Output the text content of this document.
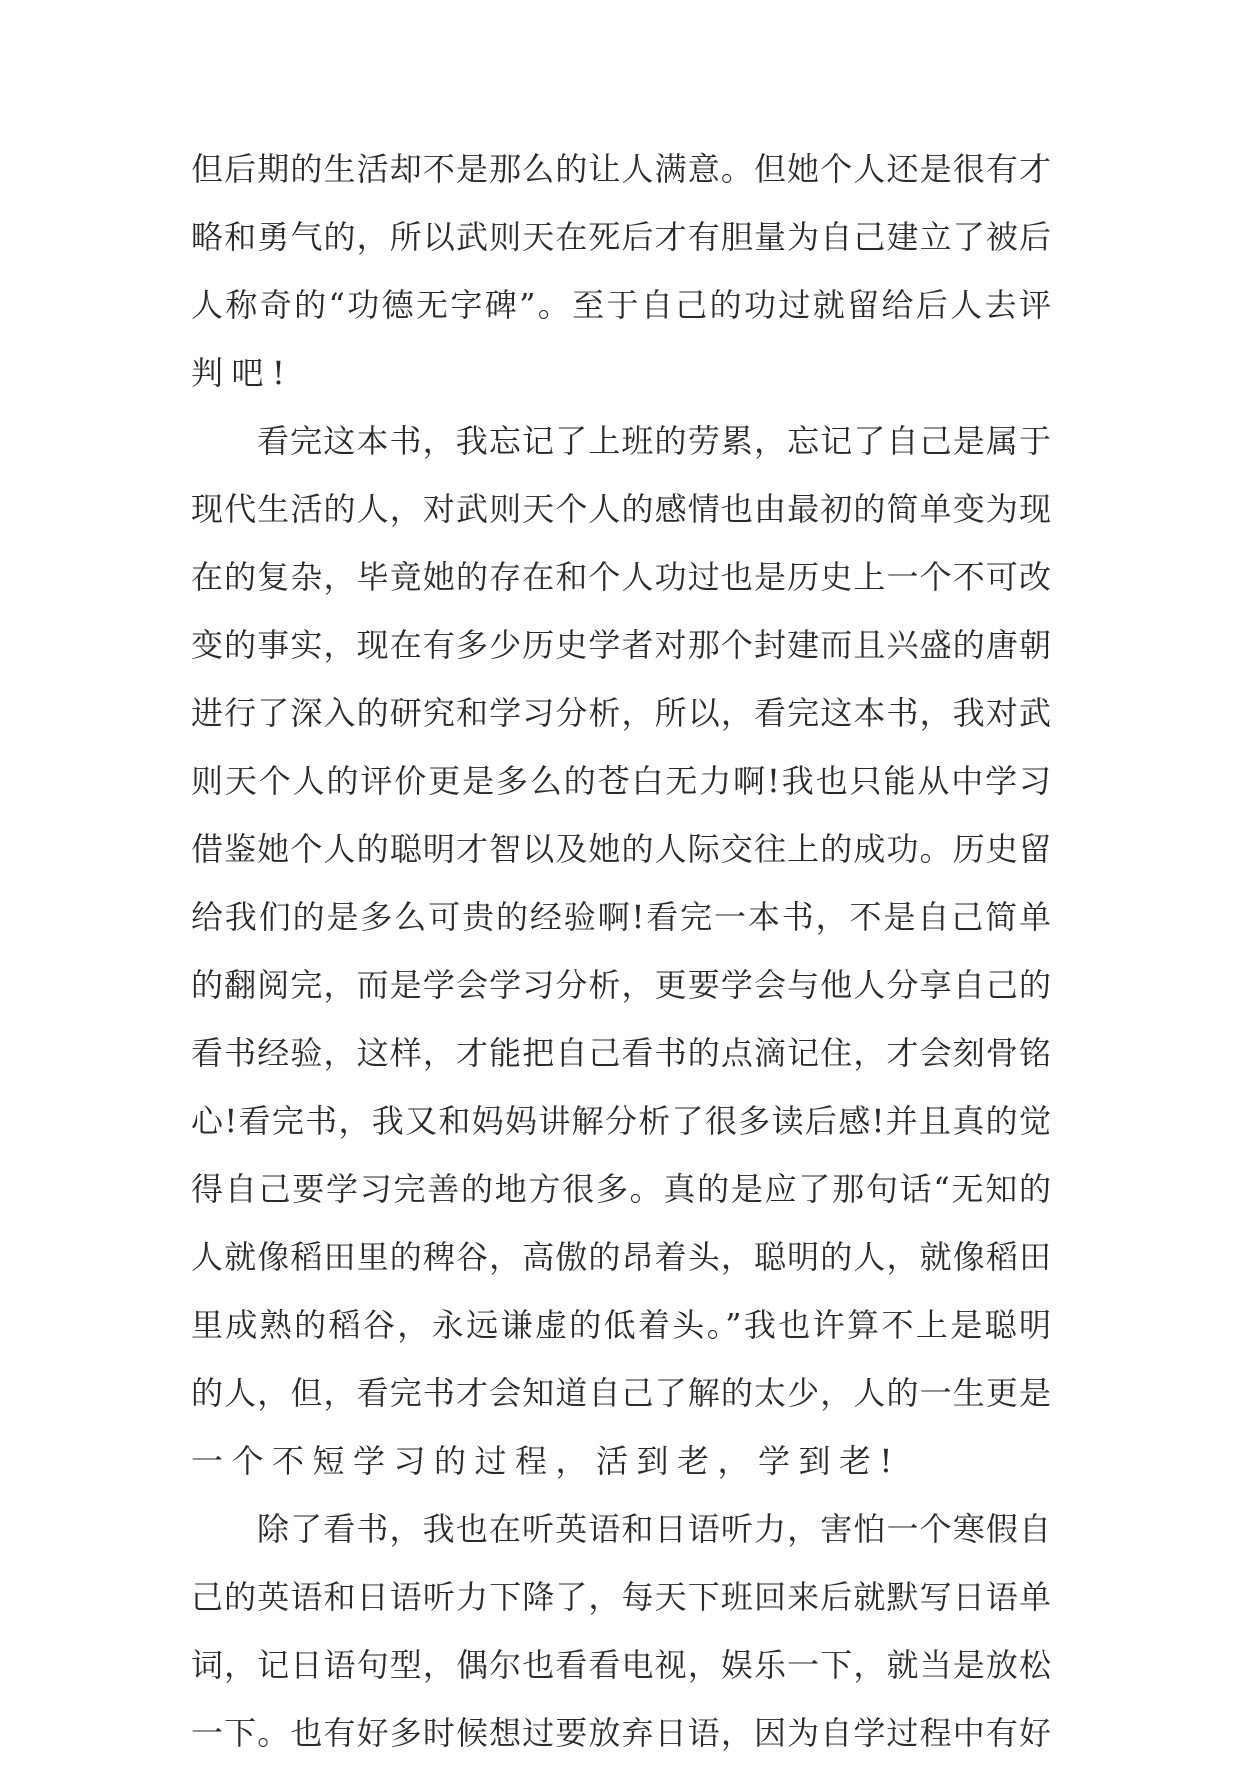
但后期的生活却不是那么的让人满意。但她个人还是很有才
略和勇气的，所以武则天在死后才有胆量为自己建立了被后
人称奇的“功德无字碑”。至于自己的功过就留给后人去评
判吧!
看完这本书，我忘记了上班的劳累，忘记了自己是属于
现代生活的人，对武则天个人的感情也由最初的简单变为现
在的复杂，毕竟她的存在和个人功过也是历史上一个不可改
变的事实，现在有多少历史学者对那个封建而且兴盛的唐朝
进行了深入的研究和学习分析，所以，看完这本书，我对武
则天个人的评价更是多么的苍白无力啊!我也只能从中学习
借鉴她个人的聪明才智以及她的人际交往上的成功。历史留
给我们的是多么可贵的经验啊!看完一本书，不是自己简单
的翻阅完，而是学会学习分析，更要学会与他人分享自己的
看书经验，这样，才能把自己看书的点滴记住，才会刻骨铭
心!看完书，我又和妈妈讲解分析了很多读后感!并且真的觉
得自己要学习完善的地方很多。真的是应了那句话“无知的
人就像稻田里的稗谷，高傲的昂着头，聪明的人，就像稻田
里成熟的稻谷，永远谦虚的低着头。”我也许算不上是聪明
的人，但，看完书才会知道自己了解的太少，人的一生更是
一个不短学习的过程，活到老，学到老!
除了看书，我也在听英语和日语听力，害怕一个寒假自
己的英语和日语听力下降了，每天下班回来后就默写日语单
词，记日语句型，偶尔也看看电视，娱乐一下，就当是放松
一下。也有好多时候想过要放弃日语，因为自学过程中有好
